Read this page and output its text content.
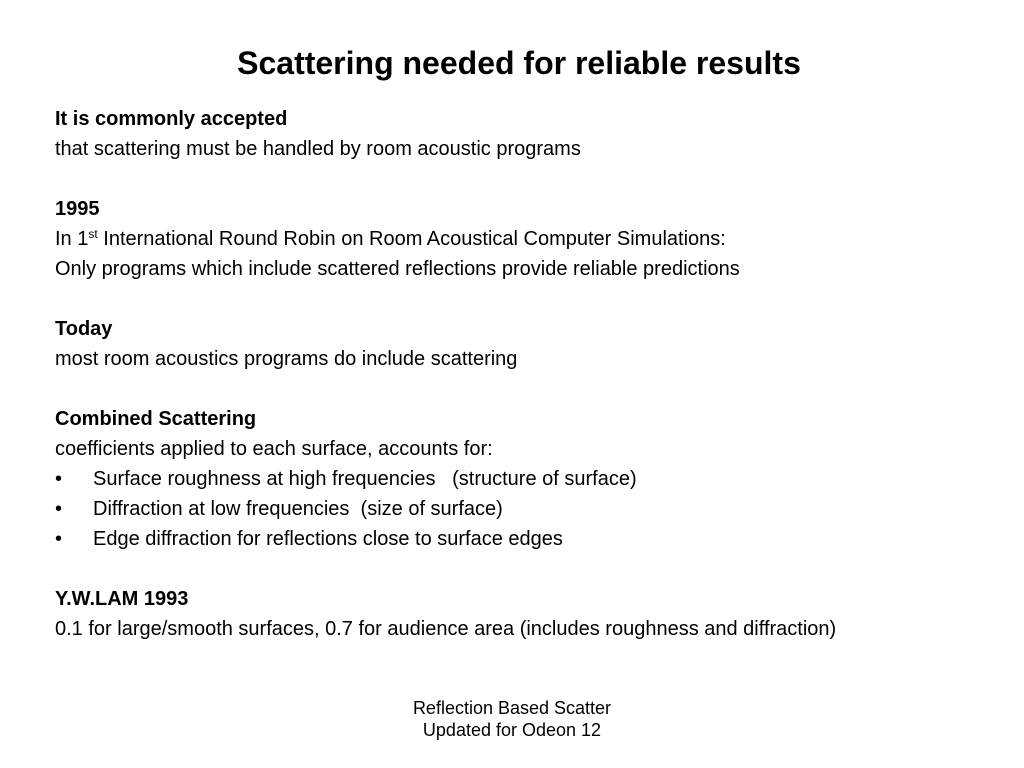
Scattering needed for reliable results
It is commonly accepted
that scattering must be handled by room acoustic programs
1995
In 1st International Round Robin on Room Acoustical Computer Simulations:
Only programs which include scattered reflections provide reliable predictions
Today
most room acoustics programs do include scattering
Combined Scattering
coefficients applied to each surface, accounts for:
• Surface roughness at high frequencies   (structure of surface)
• Diffraction at low frequencies  (size of surface)
• Edge diffraction for reflections close to surface edges
Y.W.LAM 1993
0.1 for large/smooth surfaces, 0.7 for audience area (includes roughness and diffraction)
Reflection Based Scatter
Updated for Odeon 12
